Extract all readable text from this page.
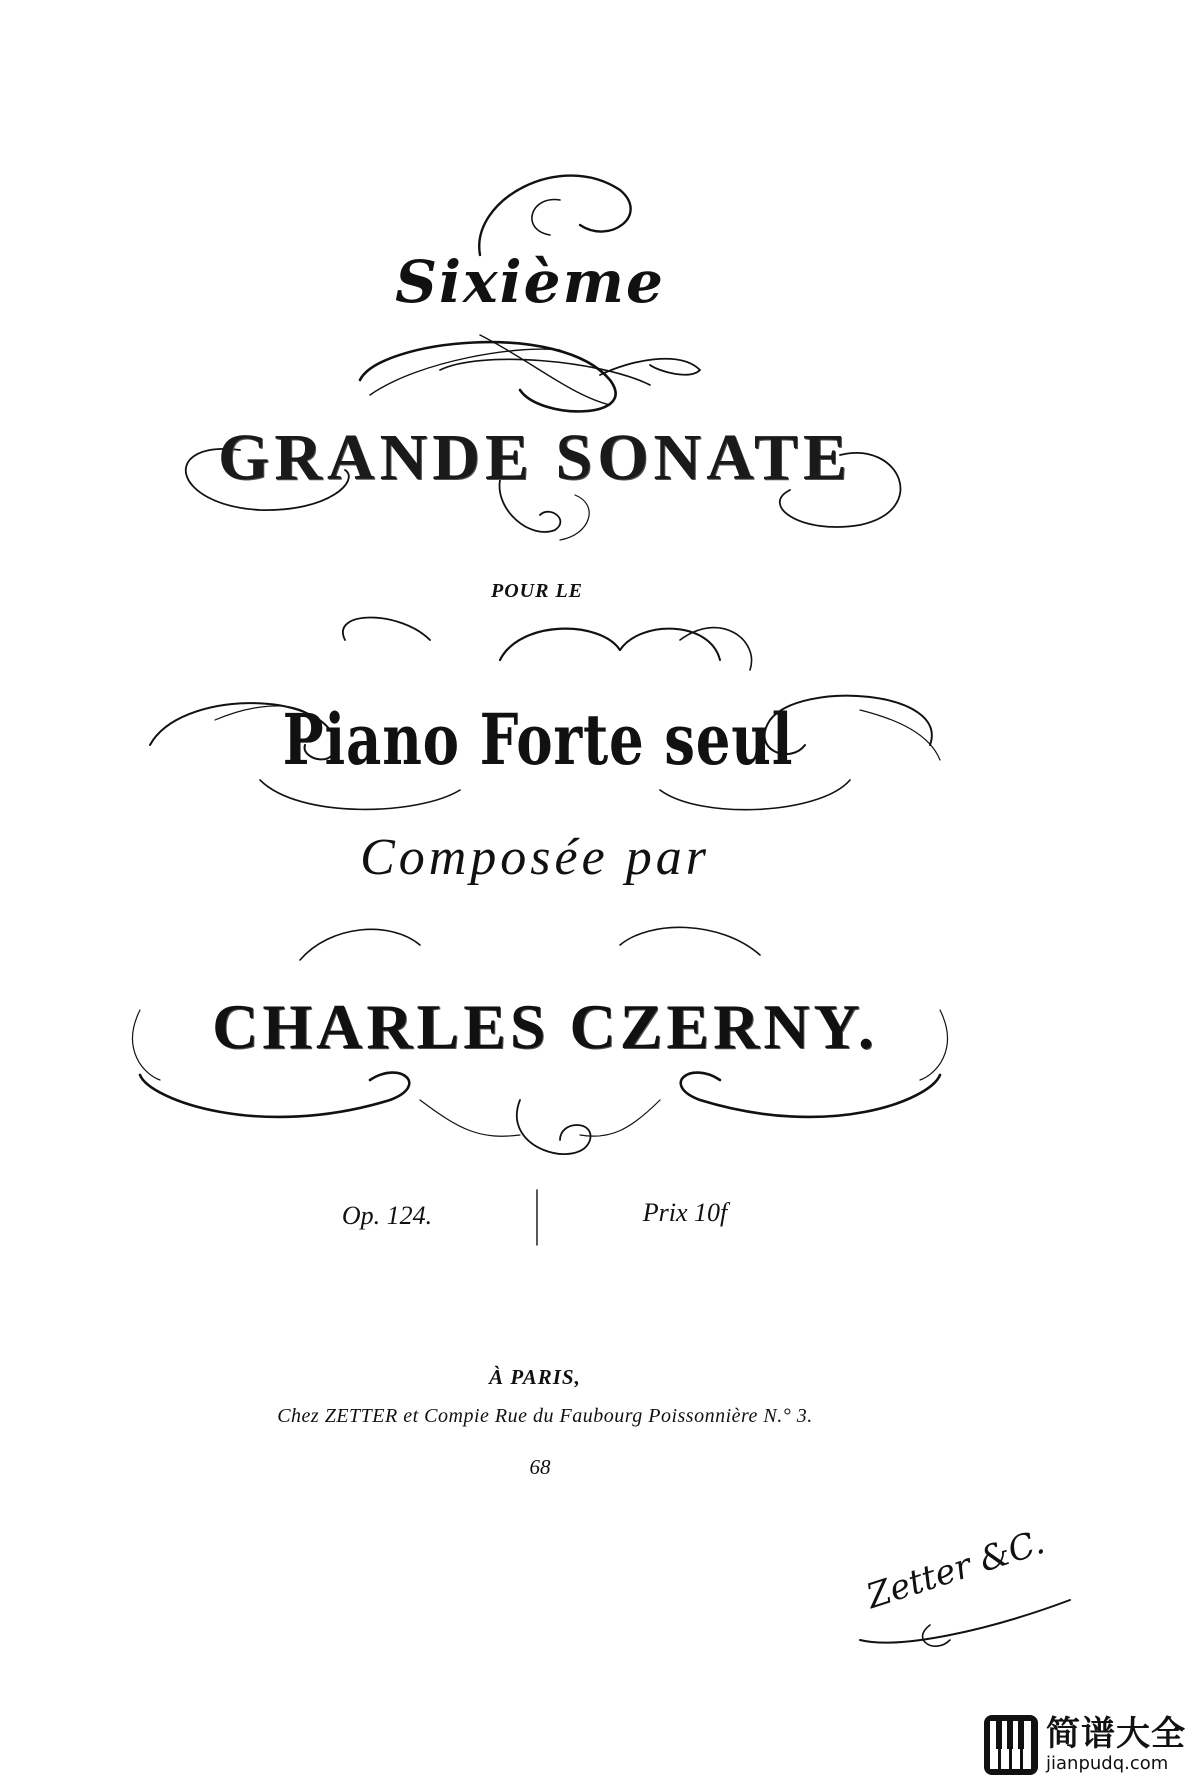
Sixième
GRANDE SONATE
POUR LE
Piano Forte seul
Composée par
CHARLES CZERNY.
Op. 124.	Prix 10f
À PARIS,
Chez ZETTER et Compie Rue du Faubourg Poissonnière N.° 3.
68
Zetter &C.
简谱大全
jianpudq.com
